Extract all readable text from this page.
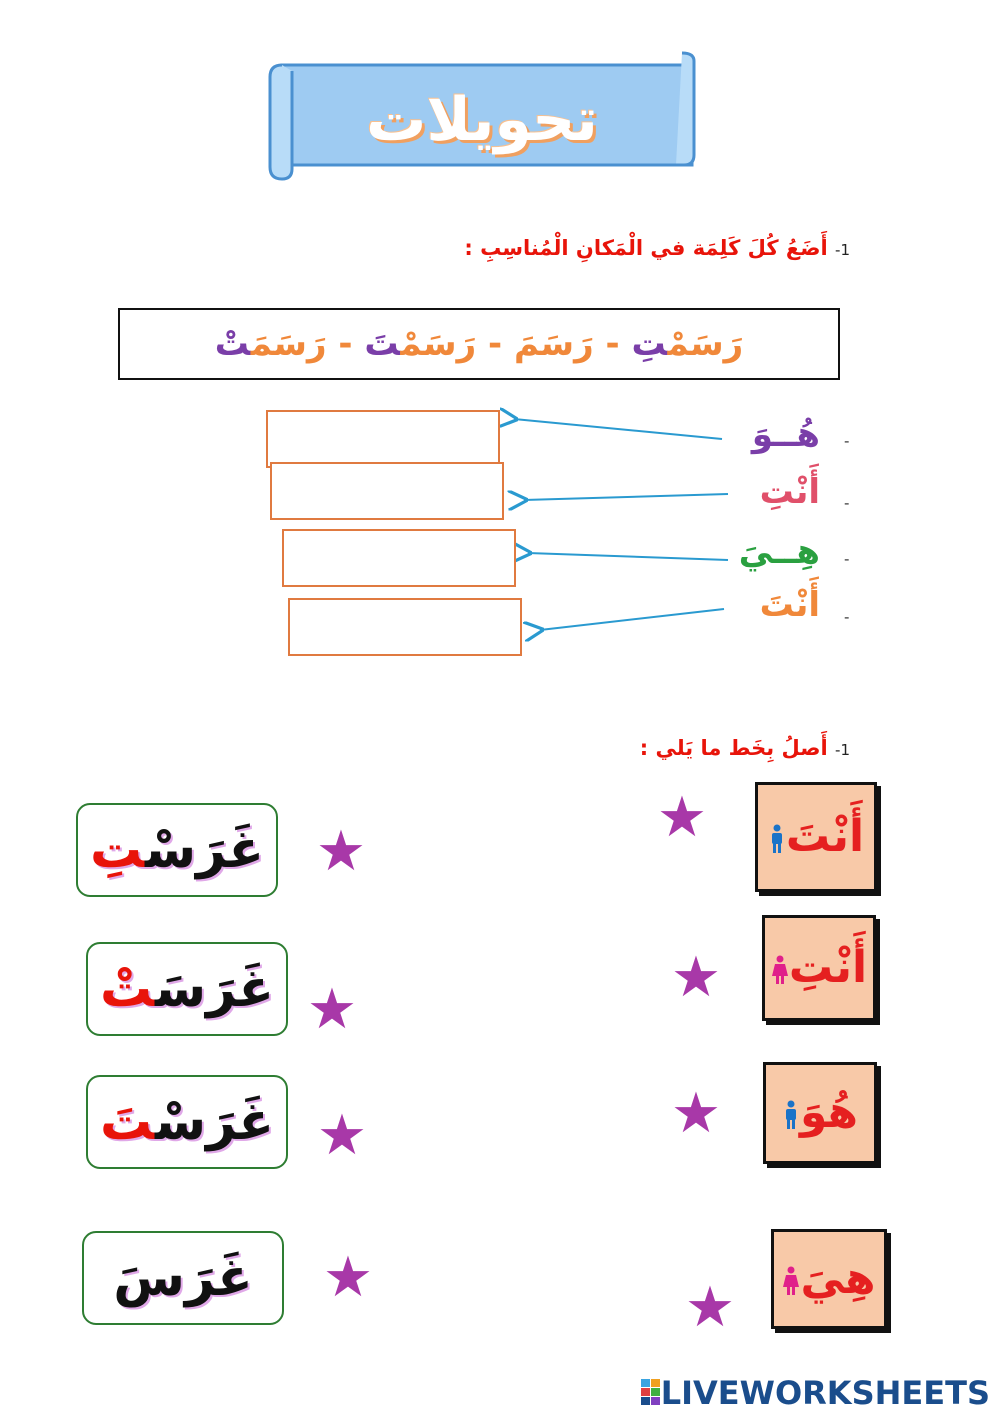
تحويلات
1- أَضَعُ كُلَ كَلِمَة في الْمَكانِ الْمُناسِبِ :
رَسَمْتِ - رَسَمَ - رَسَمْتَ - رَسَمَتْ
هُــوَ
أَنْتِ
هِــيَ
أَنْتَ
-
-
-
-
1- أَصلُ بِخَط ما يَلي :
غَرَسْتِ
غَرَسَتْ
غَرَسْتَ
غَرَسَ
★
★
★
★
★
★
★
★
أَنْتَ
أَنْتِ
هُوَ
هِيَ
LIVEWORKSHEETS
